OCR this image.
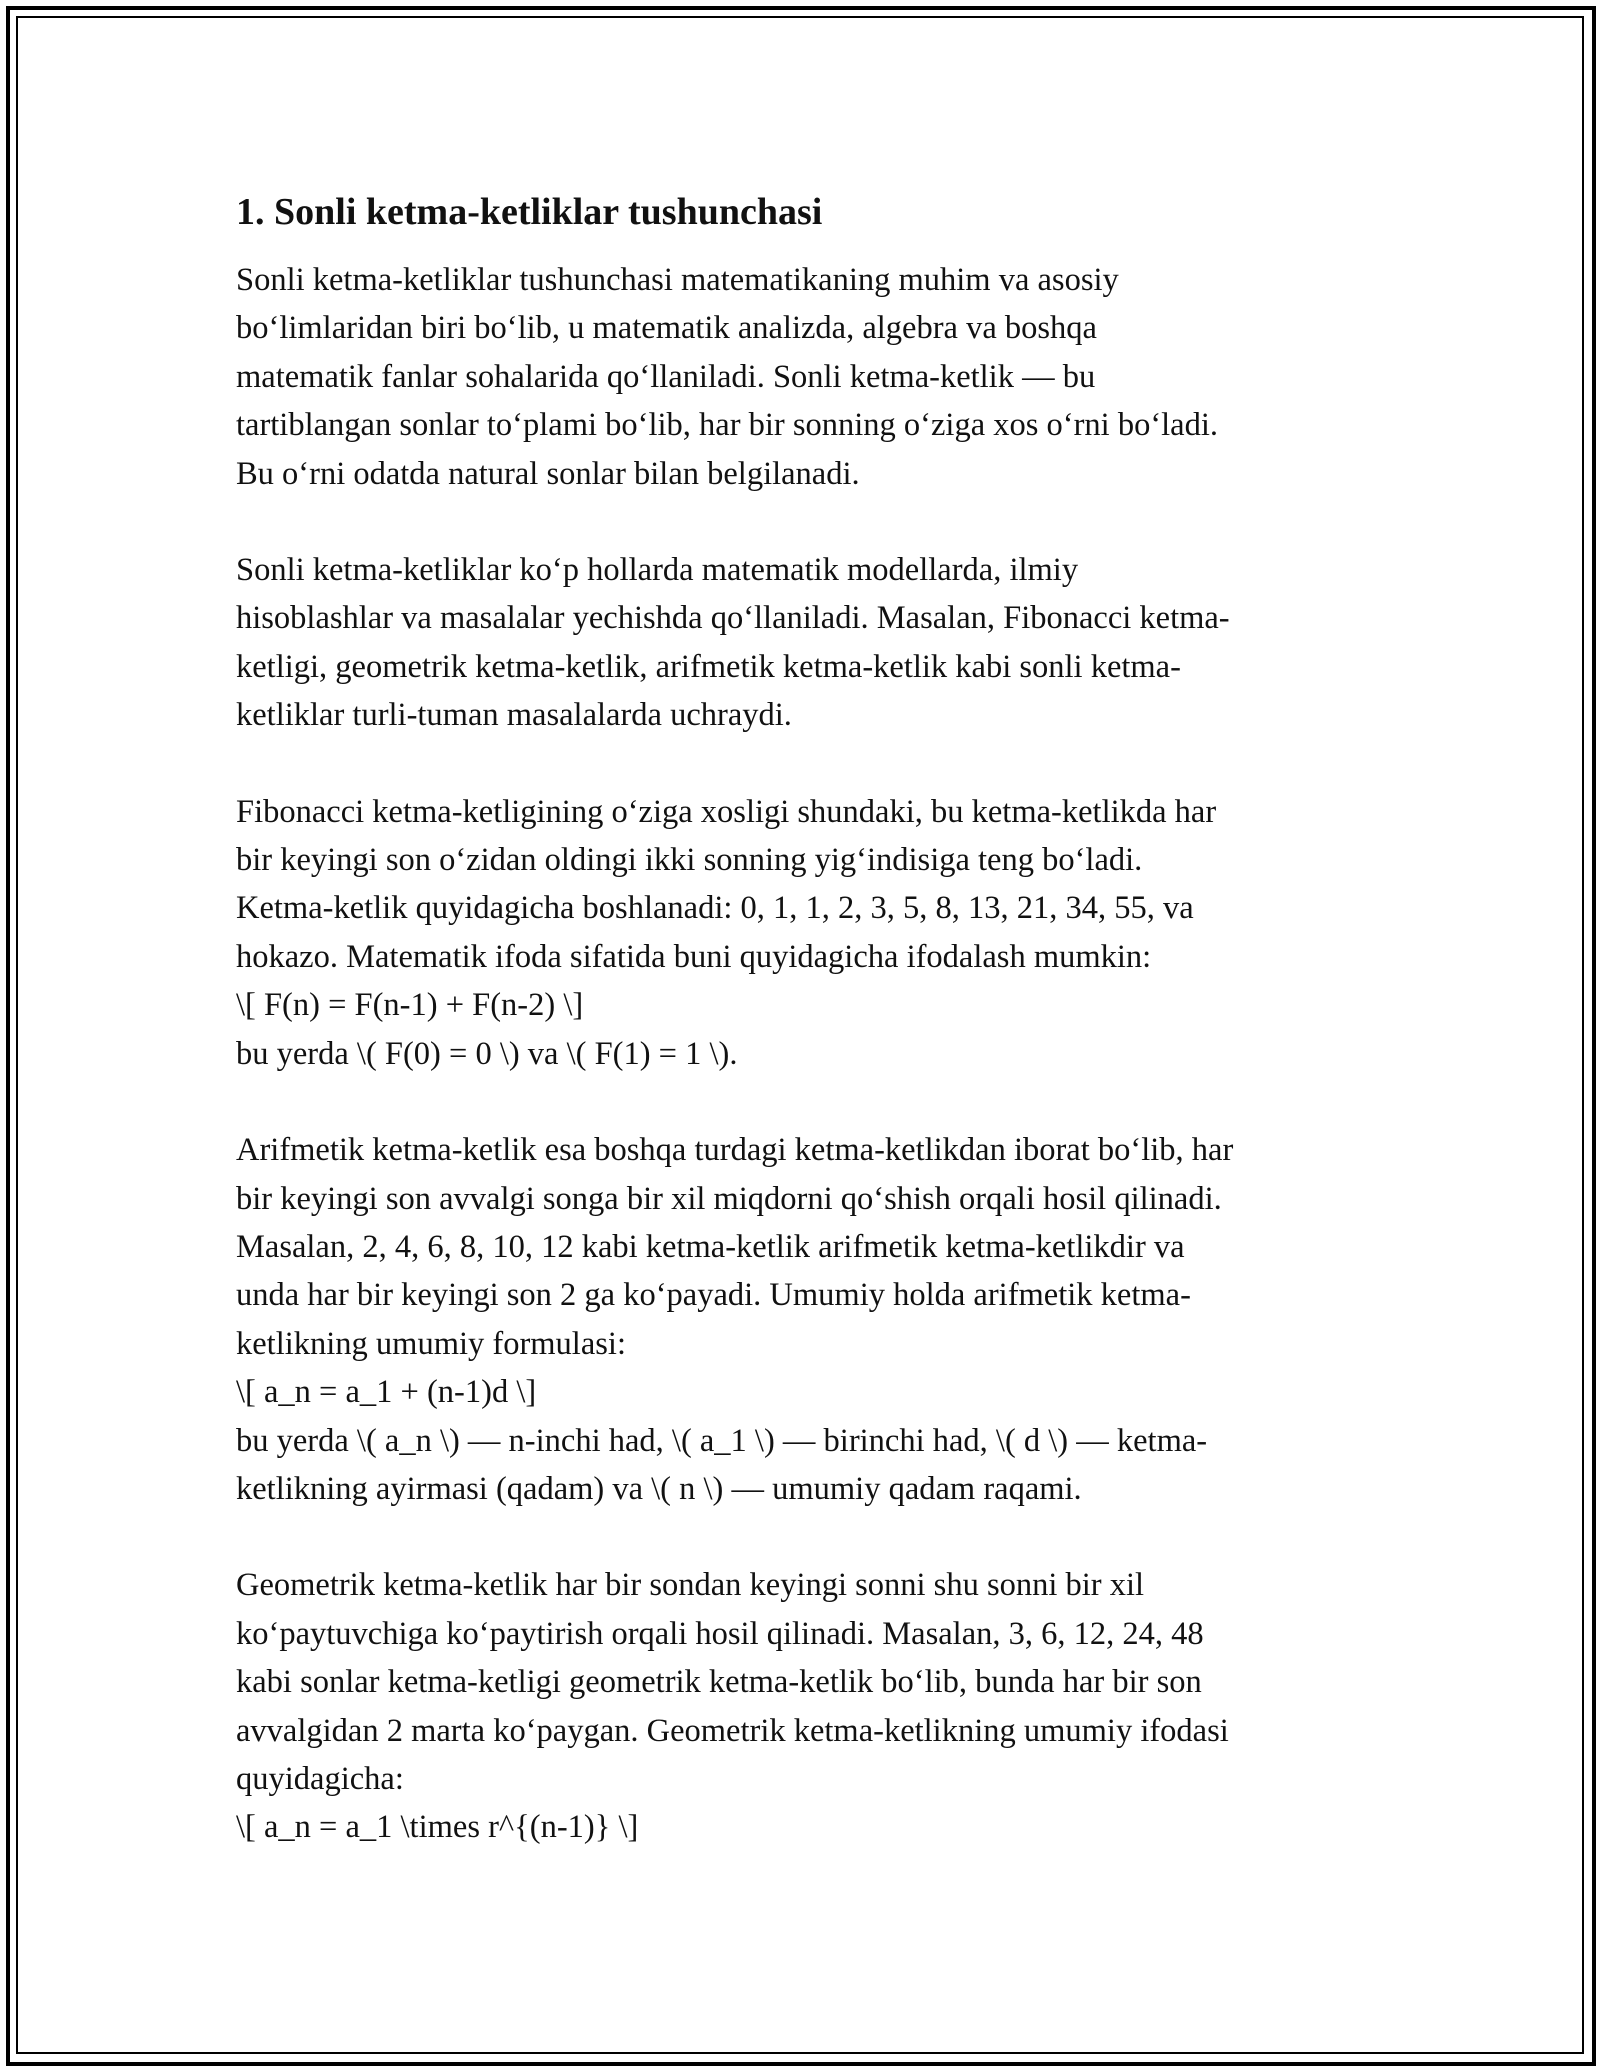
1. Sonli ketma-ketliklar tushunchasi
Sonli ketma-ketliklar tushunchasi matematikaning muhim va asosiy
bo‘limlaridan biri bo‘lib, u matematik analizda, algebra va boshqa
matematik fanlar sohalarida qo‘llaniladi. Sonli ketma-ketlik — bu
tartiblangan sonlar to‘plami bo‘lib, har bir sonning o‘ziga xos o‘rni bo‘ladi.
Bu o‘rni odatda natural sonlar bilan belgilanadi.
Sonli ketma-ketliklar ko‘p hollarda matematik modellarda, ilmiy
hisoblashlar va masalalar yechishda qo‘llaniladi. Masalan, Fibonacci ketma-
ketligi, geometrik ketma-ketlik, arifmetik ketma-ketlik kabi sonli ketma-
ketliklar turli-tuman masalalarda uchraydi.
Fibonacci ketma-ketligining o‘ziga xosligi shundaki, bu ketma-ketlikda har
bir keyingi son o‘zidan oldingi ikki sonning yig‘indisiga teng bo‘ladi.
Ketma-ketlik quyidagicha boshlanadi: 0, 1, 1, 2, 3, 5, 8, 13, 21, 34, 55, va
hokazo. Matematik ifoda sifatida buni quyidagicha ifodalash mumkin:
\[ F(n) = F(n-1) + F(n-2) \]
bu yerda \( F(0) = 0 \) va \( F(1) = 1 \).
Arifmetik ketma-ketlik esa boshqa turdagi ketma-ketlikdan iborat bo‘lib, har
bir keyingi son avvalgi songa bir xil miqdorni qo‘shish orqali hosil qilinadi.
Masalan, 2, 4, 6, 8, 10, 12 kabi ketma-ketlik arifmetik ketma-ketlikdir va
unda har bir keyingi son 2 ga ko‘payadi. Umumiy holda arifmetik ketma-
ketlikning umumiy formulasi:
\[ a_n = a_1 + (n-1)d \]
bu yerda \( a_n \) — n-inchi had, \( a_1 \) — birinchi had, \( d \) — ketma-
ketlikning ayirmasi (qadam) va \( n \) — umumiy qadam raqami.
Geometrik ketma-ketlik har bir sondan keyingi sonni shu sonni bir xil
ko‘paytuvchiga ko‘paytirish orqali hosil qilinadi. Masalan, 3, 6, 12, 24, 48
kabi sonlar ketma-ketligi geometrik ketma-ketlik bo‘lib, bunda har bir son
avvalgidan 2 marta ko‘paygan. Geometrik ketma-ketlikning umumiy ifodasi
quyidagicha:
\[ a_n = a_1 \times r^{(n-1)} \]
